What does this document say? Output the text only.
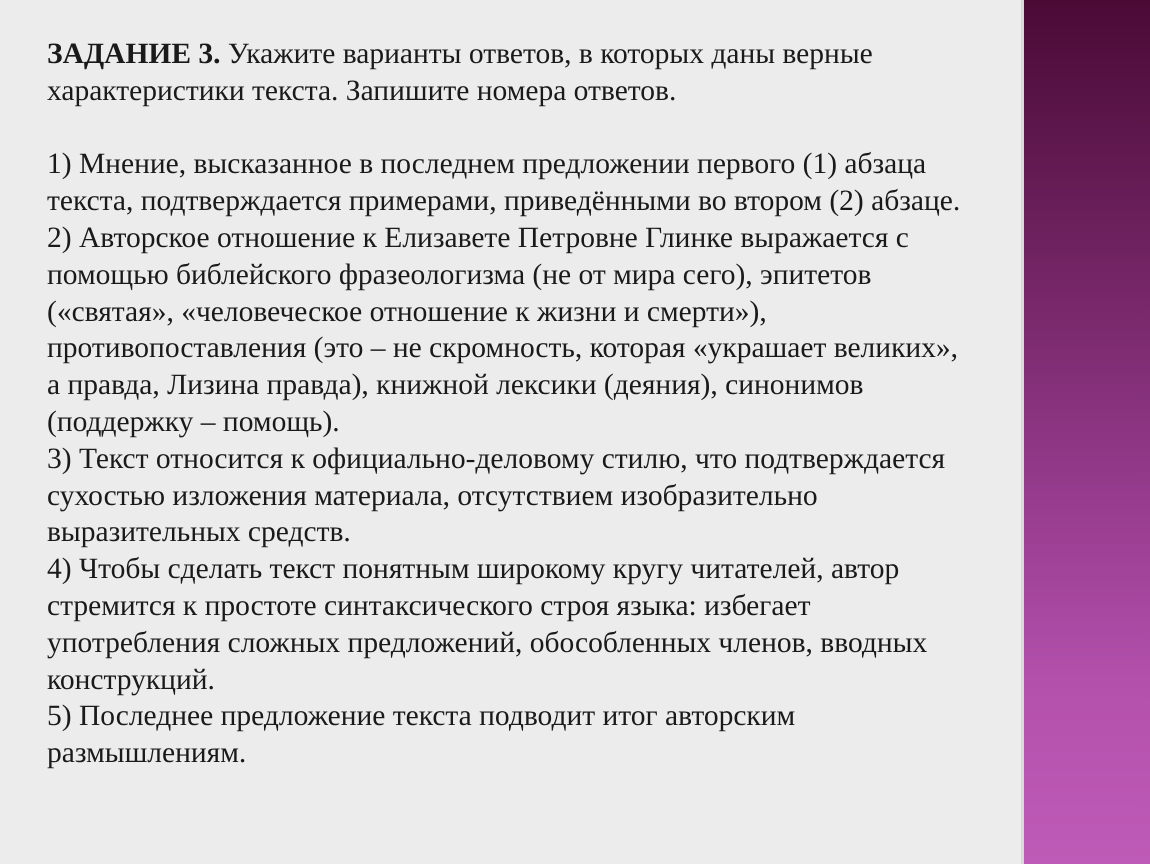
ЗАДАНИЕ 3. Укажите варианты ответов, в которых даны верные характеристики текста. Запишите номера ответов.

1) Мнение, высказанное в последнем предложении первого (1) абзаца текста, подтверждается примерами, приведёнными во втором (2) абзаце.

2) Авторское отношение к Елизавете Петровне Глинке выражается с помощью библейского фразеологизма (не от мира сего), эпитетов («святая», «человеческое отношение к жизни и смерти»), противопоставления (это – не скромность, которая «украшает великих», а правда, Лизина правда), книжной лексики (деяния), синонимов (поддержку – помощь).

3) Текст относится к официально-деловому стилю, что подтверждается сухостью изложения материала, отсутствием изобразительно выразительных средств.

4) Чтобы сделать текст понятным широкому кругу читателей, автор стремится к простоте синтаксического строя языка: избегает употребления сложных предложений, обособленных членов, вводных конструкций.

5) Последнее предложение текста подводит итог авторским размышлениям.
